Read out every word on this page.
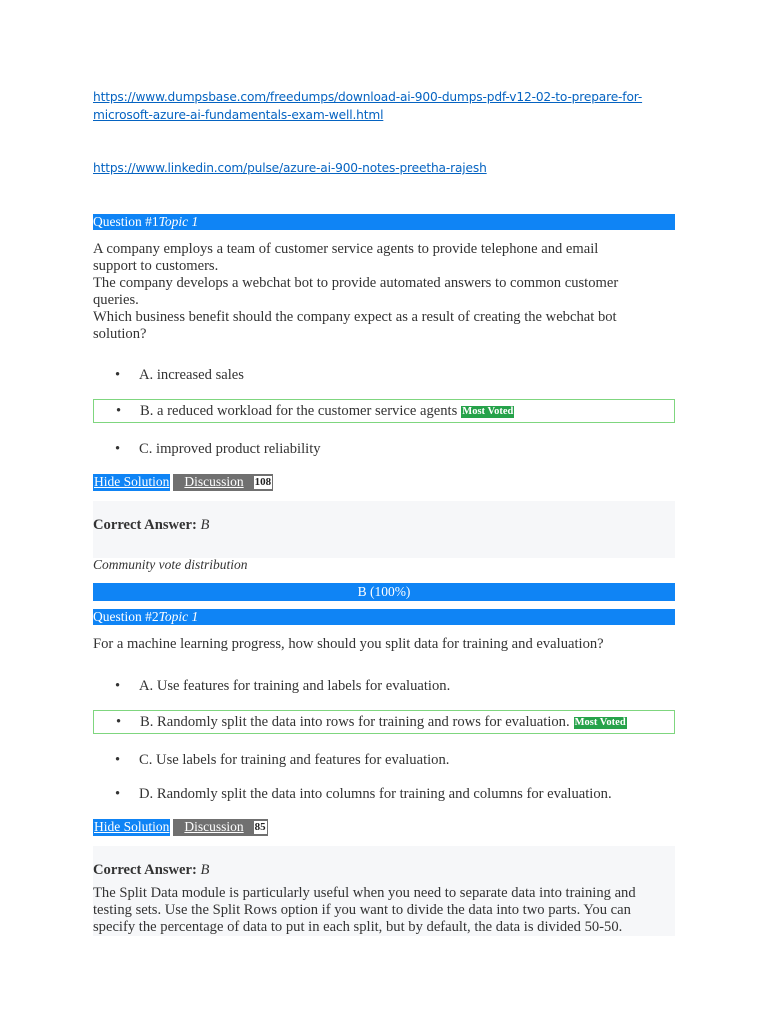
https://www.dumpsbase.com/freedumps/download-ai-900-dumps-pdf-v12-02-to-prepare-for-
microsoft-azure-ai-fundamentals-exam-well.html
https://www.linkedin.com/pulse/azure-ai-900-notes-preetha-rajesh
Question #1Topic 1
A company employs a team of customer service agents to provide telephone and email
support to customers.
The company develops a webchat bot to provide automated answers to common customer
queries.
Which business benefit should the company expect as a result of creating the webchat bot
solution?
• A. increased sales
• B. a reduced workload for the customer service agents Most Voted
• C. improved product reliability
Hide Solution Discussion 108
Correct Answer: B
Community vote distribution
B (100%)
Question #2Topic 1
For a machine learning progress, how should you split data for training and evaluation?
• A. Use features for training and labels for evaluation.
• B. Randomly split the data into rows for training and rows for evaluation. Most Voted
• C. Use labels for training and features for evaluation.
• D. Randomly split the data into columns for training and columns for evaluation.
Hide Solution Discussion 85
Correct Answer: B
The Split Data module is particularly useful when you need to separate data into training and
testing sets. Use the Split Rows option if you want to divide the data into two parts. You can
specify the percentage of data to put in each split, but by default, the data is divided 50-50.
